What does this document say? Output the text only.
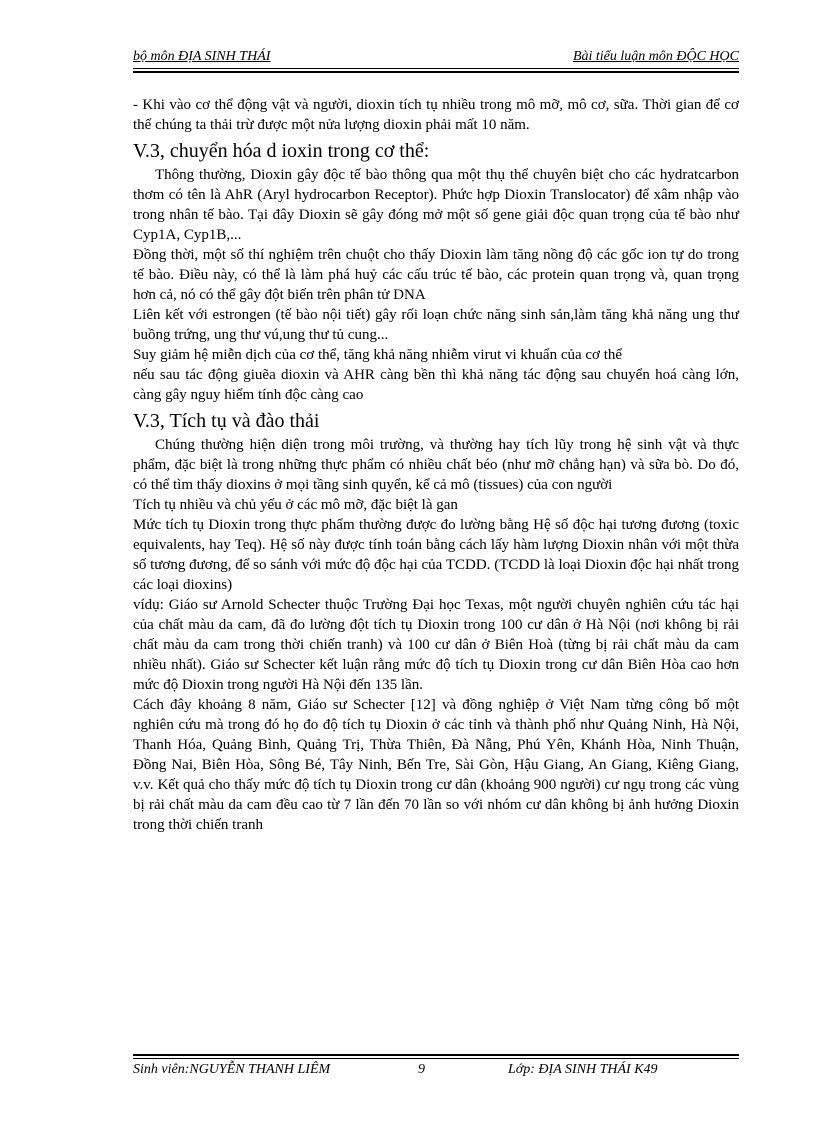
bộ môn ĐỊA SINH THÁI	Bài tiểu luận môn ĐỘC HỌC

- Khi vào cơ thể động vật và người, dioxin tích tụ nhiều trong mô mỡ, mô cơ, sữa. Thời gian để cơ thể chúng ta thải trừ được một nửa lượng dioxin phải mất 10 năm.

V.3, chuyển hóa d ioxin trong cơ thể:

Thông thường, Dioxin gây độc tế bào thông qua một thụ thể chuyên biệt cho các hydratcarbon thơm có tên là AhR (Aryl hydrocarbon Receptor). Phức hợp Dioxin Translocator) để xâm nhập vào trong nhân tế bào. Tại đây Dioxin sẽ gây đóng mở một số gene giải độc quan trọng của tế bào như Cyp1A, Cyp1B,...

Đồng thời, một số thí nghiệm trên chuột cho thấy Dioxin làm tăng nồng độ các gốc ion tự do trong tế bào. Điều này, có thể là làm phá huỷ các cấu trúc tế bào, các protein quan trọng và, quan trọng hơn cả, nó có thể gây đột biến trên phân tử DNA

Liên kết với estrongen (tế bào nội tiết) gây rối loạn chức năng sinh sản,làm tăng khả năng ung thư buồng trứng, ung thư vú,ung thư tủ cung...

Suy giảm hệ miễn dịch của cơ thể, tăng khả năng nhiễm virut vi khuẩn của cơ thể

nếu sau tác động giuẽa dioxin và AHR càng bền thì khả năng tác động sau chuyển hoá càng lớn, càng gây nguy hiểm tính độc càng cao

V.3, Tích tụ và đào thải

Chúng thường hiện diện trong môi trường, và thường hay tích lũy trong hệ sinh vật và thực phẩm, đặc biệt là trong những thực phẩm có nhiều chất béo (như mỡ chẳng hạn) và sữa bò. Do đó, có thể tìm thấy dioxins ở mọi tầng sinh quyển, kể cả mô (tissues) của con người

Tích tụ nhiều và chủ yếu ở các mô mỡ, đặc biệt là gan

Mức tích tụ Dioxin trong thực phẩm thường được đo lường bằng Hệ số độc hại tương đương (toxic equivalents, hay Teq). Hệ số này được tính toán bằng cách lấy hàm lượng Dioxin nhân với một thừa số tương đương, để so sánh với mức độ độc hại của TCDD. (TCDD là loại Dioxin độc hại nhất trong các loại dioxins)

vídụ: Giáo sư Arnold Schecter thuộc Trường Đại học Texas, một người chuyên nghiên cứu tác hại của chất màu da cam, đã đo lường đột tích tụ Dioxin trong 100 cư dân ở Hà Nội (nơi không bị rải chất màu da cam trong thời chiến tranh) và 100 cư dân ở Biên Hoà (từng bị rải chất màu da cam nhiều nhất). Giáo sư Schecter kết luận rằng mức độ tích tụ Dioxin trong cư dân Biên Hòa cao hơn mức độ Dioxin trong người Hà Nội đến 135 lần.

Cách đây khoảng 8 năm, Giáo sư Schecter [12] và đồng nghiệp ở Việt Nam từng công bố một nghiên cứu mà trong đó họ đo độ tích tụ Dioxin ở các tỉnh và thành phố như Quảng Ninh, Hà Nội, Thanh Hóa, Quảng Bình, Quảng Trị, Thừa Thiên, Đà Nẵng, Phú Yên, Khánh Hòa, Ninh Thuận, Đồng Nai, Biên Hòa, Sông Bé, Tây Ninh, Bến Tre, Sài Gòn, Hậu Giang, An Giang, Kiêng Giang, v.v. Kết quả cho thấy mức độ tích tụ Dioxin trong cư dân (khoảng 900 người) cư ngụ trong các vùng bị rải chất màu da cam đều cao từ 7 lần đến 70 lần so với nhóm cư dân không bị ảnh hưởng Dioxin trong thời chiến tranh

Sinh viên:NGUYỄN THANH LIÊM	9	Lớp: ĐỊA SINH THÁI K49
